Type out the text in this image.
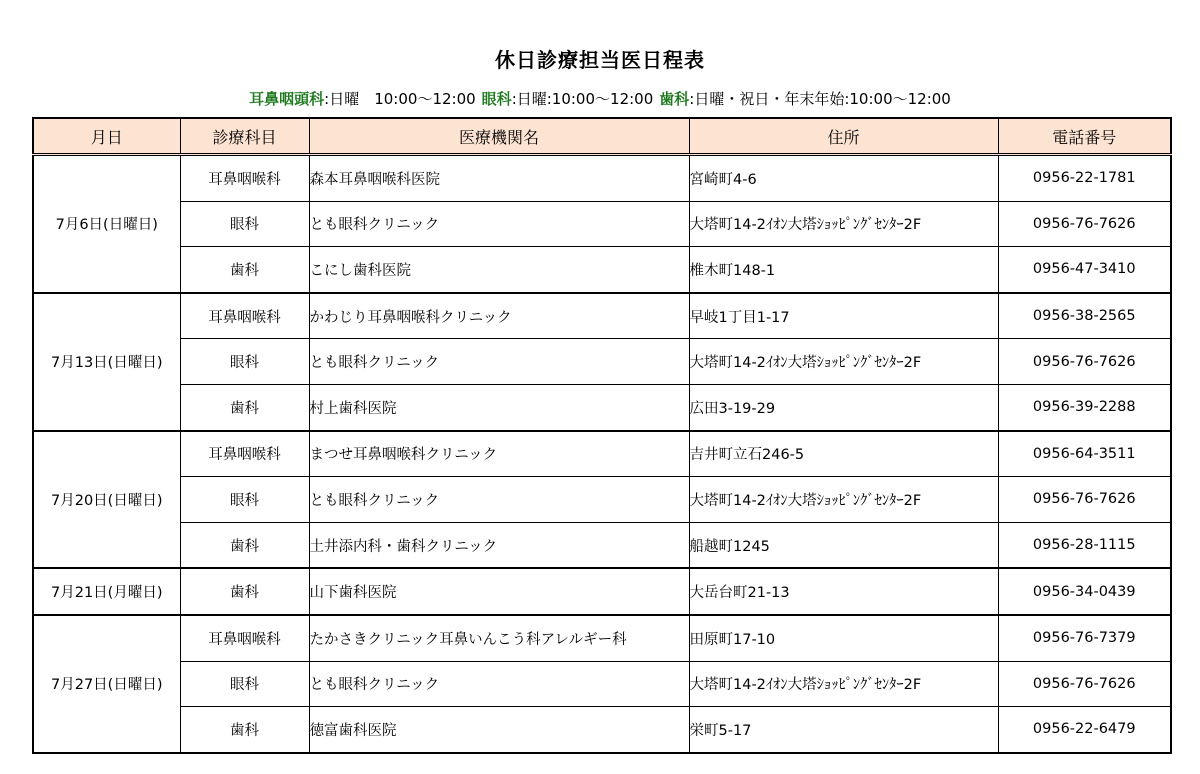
休日診療担当医日程表
耳鼻咽頭科:日曜　10:00～12:00 眼科:日曜:10:00～12:00 歯科:日曜・祝日・年末年始:10:00～12:00
月日	診療科目	医療機関名	住所	電話番号
7月6日(日曜日)	耳鼻咽喉科	森本耳鼻咽喉科医院	宮崎町4-6	0956-22-1781
	眼科	とも眼科クリニック	大塔町14-2ｲｵﾝ大塔ｼｮｯﾋﾟﾝｸﾞｾﾝﾀｰ2F	0956-76-7626
	歯科	こにし歯科医院	椎木町148-1	0956-47-3410
7月13日(日曜日)	耳鼻咽喉科	かわじり耳鼻咽喉科クリニック	早岐1丁目1-17	0956-38-2565
	眼科	とも眼科クリニック	大塔町14-2ｲｵﾝ大塔ｼｮｯﾋﾟﾝｸﾞｾﾝﾀｰ2F	0956-76-7626
	歯科	村上歯科医院	広田3-19-29	0956-39-2288
7月20日(日曜日)	耳鼻咽喉科	まつせ耳鼻咽喉科クリニック	吉井町立石246-5	0956-64-3511
	眼科	とも眼科クリニック	大塔町14-2ｲｵﾝ大塔ｼｮｯﾋﾟﾝｸﾞｾﾝﾀｰ2F	0956-76-7626
	歯科	土井添内科・歯科クリニック	船越町1245	0956-28-1115
7月21日(月曜日)	歯科	山下歯科医院	大岳台町21-13	0956-34-0439
7月27日(日曜日)	耳鼻咽喉科	たかさきクリニック耳鼻いんこう科アレルギー科	田原町17-10	0956-76-7379
	眼科	とも眼科クリニック	大塔町14-2ｲｵﾝ大塔ｼｮｯﾋﾟﾝｸﾞｾﾝﾀｰ2F	0956-76-7626
	歯科	徳富歯科医院	栄町5-17	0956-22-6479
